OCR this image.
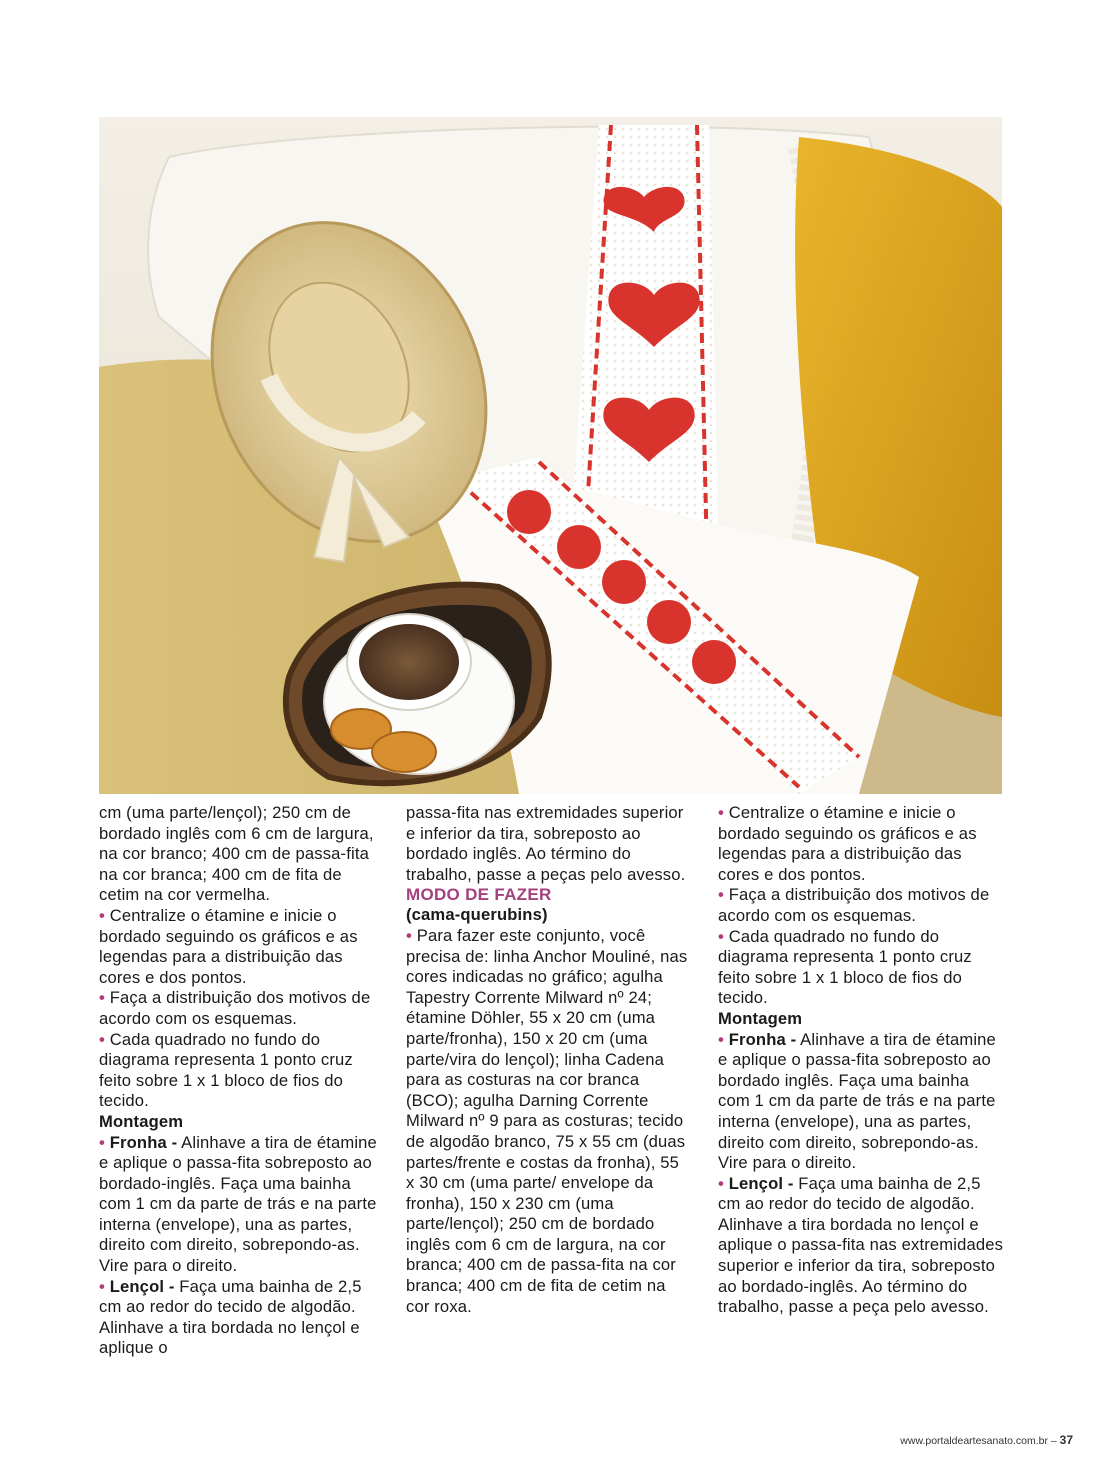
cm (uma parte/lençol); 250 cm de bordado inglês com 6 cm de largura, na cor branco; 400 cm de passa-fita na cor branca; 400 cm de fita de cetim na cor vermelha.

• Centralize o étamine e inicie o bordado seguindo os gráficos e as legendas para a distribuição das cores e dos pontos.

• Faça a distribuição dos motivos de acordo com os esquemas.

• Cada quadrado no fundo do diagrama representa 1 ponto cruz feito sobre 1 x 1 bloco de fios do tecido.

Montagem

• Fronha - Alinhave a tira de étamine e aplique o passa-fita sobreposto ao bordado-inglês. Faça uma bainha com 1 cm da parte de trás e na parte interna (envelope), una as partes, direito com direito, sobrepondo-as. Vire para o direito.

• Lençol - Faça uma bainha de 2,5 cm ao redor do tecido de algodão. Alinhave a tira bordada no lençol e aplique o

passa-fita nas extremidades superior e inferior da tira, sobreposto ao bordado inglês. Ao término do trabalho, passe a peças pelo avesso.

MODO DE FAZER

(cama-querubins)

• Para fazer este conjunto, você precisa de: linha Anchor Mouliné, nas cores indicadas no gráfico; agulha Tapestry Corrente Milward nº 24; étamine Döhler, 55 x 20 cm (uma parte/fronha), 150 x 20 cm (uma parte/vira do lençol); linha Cadena para as costuras na cor branca (BCO); agulha Darning Corrente Milward nº 9 para as costuras; tecido de algodão branco, 75 x 55 cm (duas partes/frente e costas da fronha), 55 x 30 cm (uma parte/ envelope da fronha), 150 x 230 cm (uma parte/lençol); 250 cm de bordado inglês com 6 cm de largura, na cor branca; 400 cm de passa-fita na cor branca; 400 cm de fita de cetim na cor roxa.

• Centralize o étamine e inicie o bordado seguindo os gráficos e as legendas para a distribuição das cores e dos pontos.

• Faça a distribuição dos motivos de acordo com os esquemas.

• Cada quadrado no fundo do diagrama representa 1 ponto cruz feito sobre 1 x 1 bloco de fios do tecido.

Montagem

• Fronha - Alinhave a tira de étamine e aplique o passa-fita sobreposto ao bordado inglês. Faça uma bainha com 1 cm da parte de trás e na parte interna (envelope), una as partes, direito com direito, sobrepondo-as. Vire para o direito.

• Lençol - Faça uma bainha de 2,5 cm ao redor do tecido de algodão. Alinhave a tira bordada no lençol e aplique o passa-fita nas extremidades superior e inferior da tira, sobreposto ao bordado-inglês. Ao término do trabalho, passe a peça pelo avesso.

www.portaldeartesanato.com.br – 37
